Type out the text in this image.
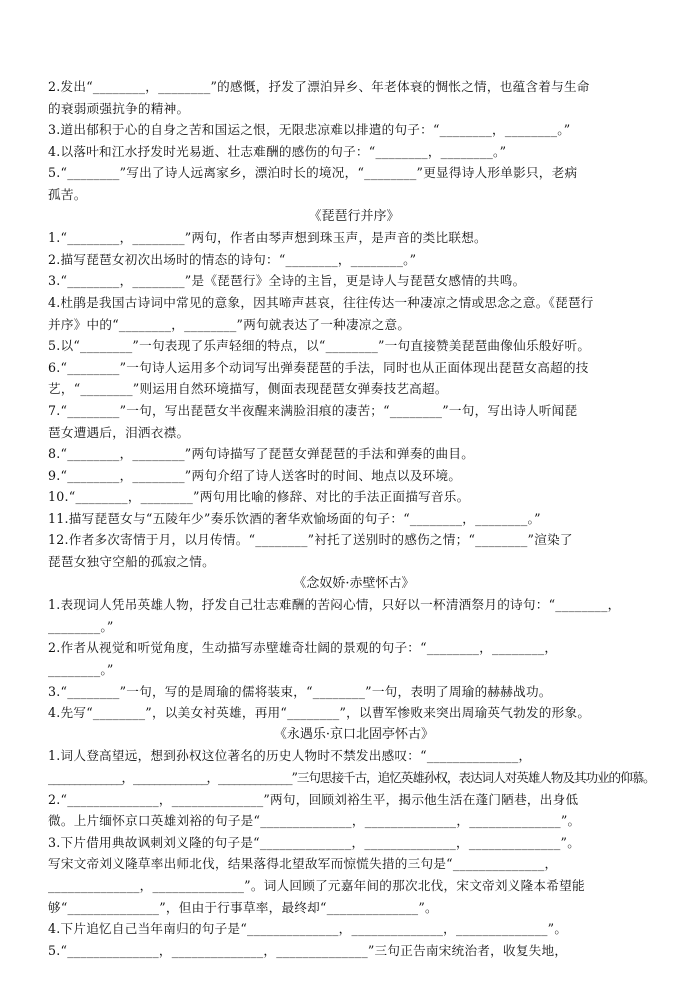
2.发出“________，________”的感慨，抒发了漂泊异乡、年老体衰的惆怅之情，也蕴含着与生命
的衰弱顽强抗争的精神。
3.道出郁积于心的自身之苦和国运之恨，无限悲凉难以排遣的句子：“________，________。”
4.以落叶和江水抒发时光易逝、壮志难酬的感伤的句子：“________，________。”
5.“________”写出了诗人远离家乡，漂泊时长的境况，“________”更显得诗人形单影只，老病
孤苦。
《琵琶行并序》
1.“________，________”两句，作者由琴声想到珠玉声，是声音的类比联想。
2.描写琵琶女初次出场时的情态的诗句：“________，________。”
3.“________，________”是《琵琶行》全诗的主旨，更是诗人与琵琶女感情的共鸣。
4.杜鹃是我国古诗词中常见的意象，因其啼声甚哀，往往传达一种凄凉之情或思念之意。《琵琶行
并序》中的“________，________”两句就表达了一种凄凉之意。
5.以“________”一句表现了乐声轻细的特点，以“________”一句直接赞美琵琶曲像仙乐般好听。
6.“________”一句诗人运用多个动词写出弹奏琵琶的手法，同时也从正面体现出琵琶女高超的技
艺，“________”则运用自然环境描写，侧面表现琵琶女弹奏技艺高超。
7.“________”一句，写出琵琶女半夜醒来满脸泪痕的凄苦；“________”一句，写出诗人听闻琵
琶女遭遇后，泪洒衣襟。
8.“________，________”两句诗描写了琵琶女弹琵琶的手法和弹奏的曲目。
9.“________，________”两句介绍了诗人送客时的时间、地点以及环境。
10.“________，________”两句用比喻的修辞、对比的手法正面描写音乐。
11.描写琵琶女与“五陵年少”奏乐饮酒的奢华欢愉场面的句子：“________，________。”
12.作者多次寄情于月，以月传情。“________”衬托了送别时的感伤之情；“________”渲染了
琵琶女独守空船的孤寂之情。
《念奴娇·赤壁怀古》
1.表现词人凭吊英雄人物，抒发自己壮志难酬的苦闷心情，只好以一杯清酒祭月的诗句：“________，
________。”
2.作者从视觉和听觉角度，生动描写赤壁雄奇壮阔的景观的句子：“________，________，
________。”
3.“________”一句，写的是周瑜的儒将装束，“________”一句，表明了周瑜的赫赫战功。
4.先写“________”，以美女衬英雄，再用“________”，以曹军惨败来突出周瑜英气勃发的形象。
《永遇乐·京口北固亭怀古》
1.词人登高望远，想到孙权这位著名的历史人物时不禁发出感叹：“______________，
______________，______________，______________”三句思接千古，追忆英雄孙权，表达词人对英雄人物及其功业的仰慕。
2.“______________，______________”两句，回顾刘裕生平，揭示他生活在蓬门陋巷，出身低
微。上片缅怀京口英雄刘裕的句子是“______________，______________，______________”。
3.下片借用典故讽刺刘义隆的句子是“______________，______________，______________”。
写宋文帝刘义隆草率出师北伐，结果落得北望敌军而惊慌失措的三句是“______________，
______________，______________”。词人回顾了元嘉年间的那次北伐，宋文帝刘义隆本希望能
够“______________”，但由于行事草率，最终却“______________”。
4.下片追忆自己当年南归的句子是“______________，______________，______________”。
5.“______________，______________，______________”三句正告南宋统治者，收复失地，
